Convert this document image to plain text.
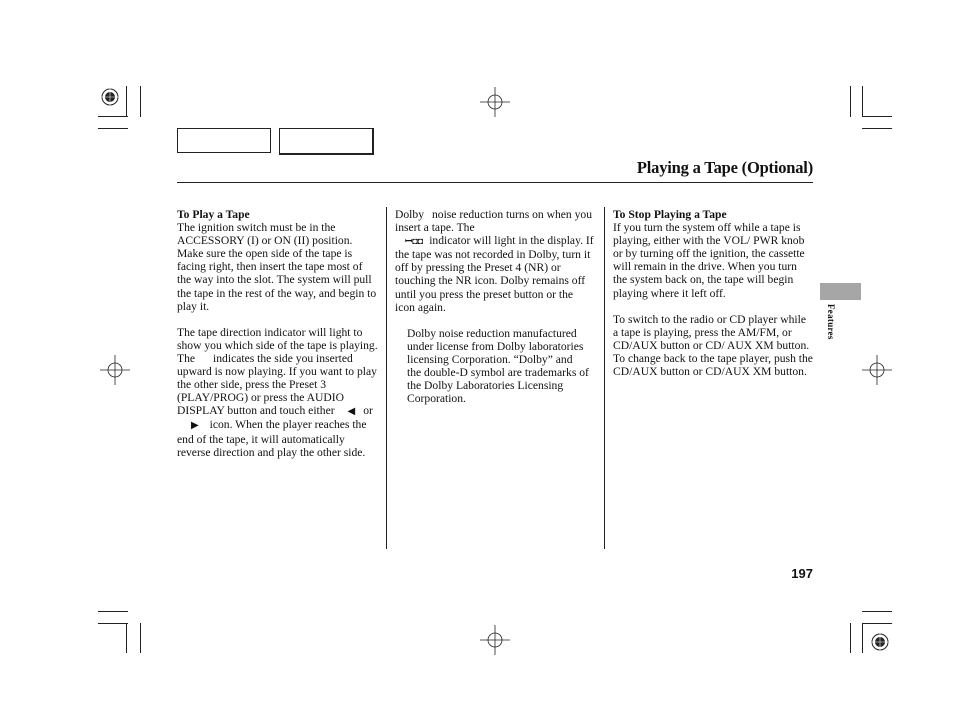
Playing a Tape (Optional)
To Play a Tape

The ignition switch must be in the ACCESSORY (I) or ON (II) position. Make sure the open side of the tape is facing right, then insert the tape most of the way into the slot. The system will pull the tape in the rest of the way, and begin to play it.

The tape direction indicator will light to show you which side of the tape is playing. The indicates the side you inserted upward is now playing. If you want to play the other side, press the Preset 3 (PLAY/PROG) or press the AUDIO DISPLAY button and touch either ◀ or▶ icon. When the player reaches the end of the tape, it will automatically reverse direction and play the other side.

Dolby noise reduction turns on when you insert a tape. The
ꟷ◘◘ indicator will light in the display. If the tape was not recorded in Dolby, turn it off by pressing the Preset 4 (NR) or touching the NR icon. Dolby remains off until you press the preset button or the icon again.

Dolby noise reduction manufactured under license from Dolby laboratories licensing Corporation. “Dolby” and the double-D symbol are trademarks of the Dolby Laboratories Licensing Corporation.

To Stop Playing a Tape

If you turn the system off while a tape is playing, either with the VOL/ PWR knob or by turning off the ignition, the cassette will remain in the drive. When you turn the system back on, the tape will begin playing where it left off.

To switch to the radio or CD player while a tape is playing, press the AM/FM, or CD/AUX button or CD/ AUX XM button. To change back to the tape player, push the CD/AUX button or CD/AUX XM button.

Features
197
